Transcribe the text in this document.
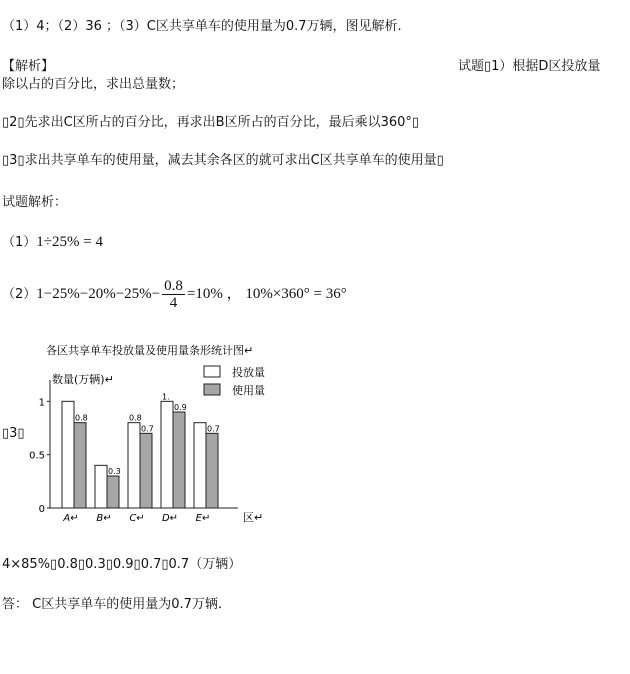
（1）4；（2）36 ；（3）C区共享单车的使用量为0.7万辆，图见解析.
【解析】	试题▯1）根据D区投放量
除以占的百分比，求出总量数；
▯2▯先求出C区所占的百分比，再求出B区所占的百分比，最后乘以360°▯
▯3▯求出共享单车的使用量，减去其余各区的就可求出C区共享单车的使用量▯
试题解析：
（1）1÷25% = 4
$(2)1-25\%-20\%-25\%- \frac{0.8}{4} =10\%$ ， 10%×360° = 36°
▯3▯
各区共享单车投放量及使用量条形统计图↵
数量(万辆)↵
投放量
使用量
0
0.5
1
0.8
A↵
0.3
B↵
0.8
0.7
C↵
1.
0.9
D↵
0.7
E↵	区↵
4×85%▯0.8▯0.3▯0.9▯0.7▯0.7（万辆）
答： C区共享单车的使用量为0.7万辆．
